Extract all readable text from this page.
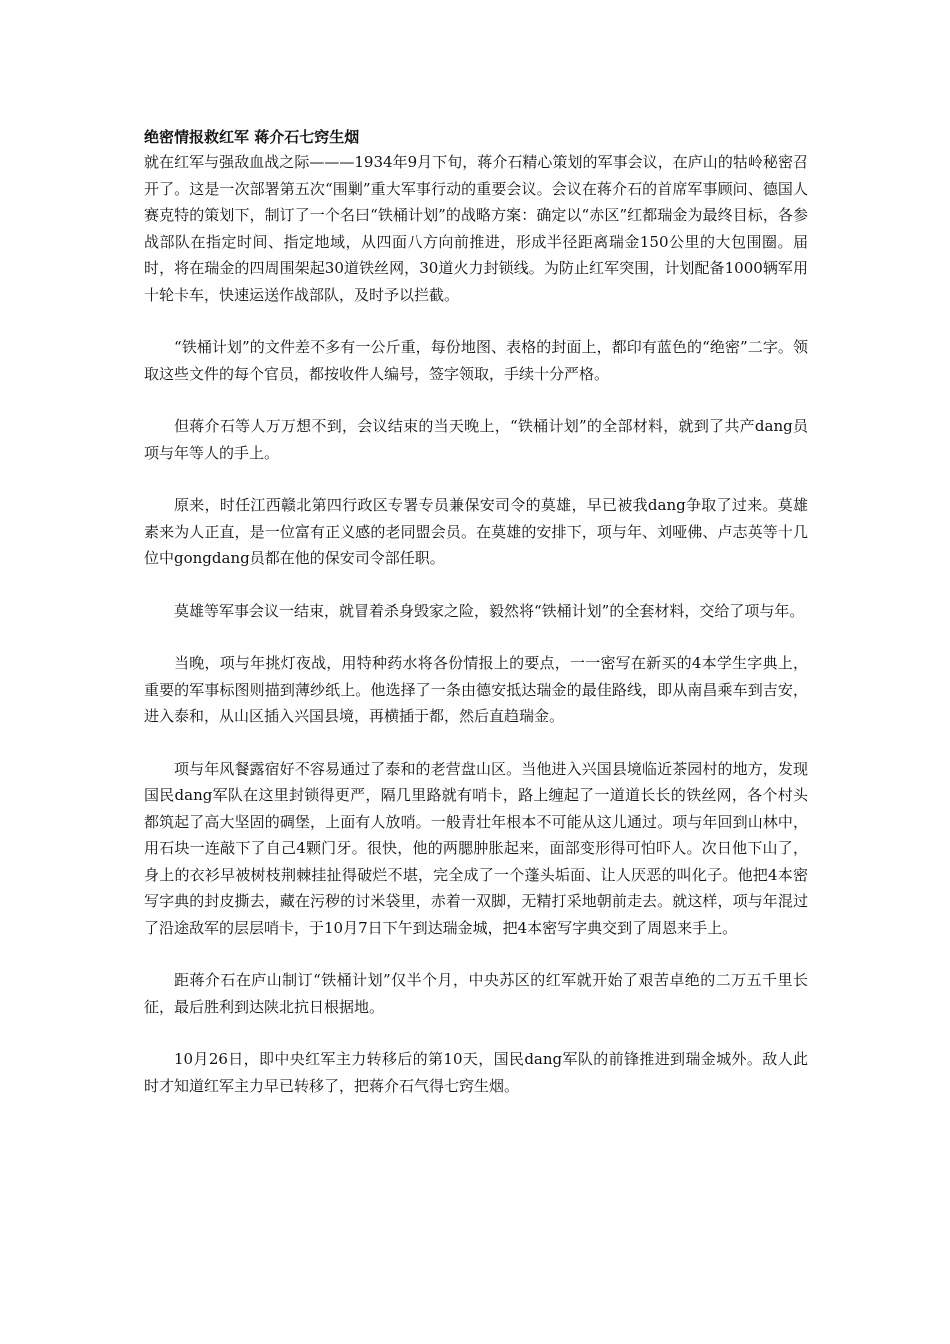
绝密情报救红军 蒋介石七窍生烟

就在红军与强敌血战之际———1934年9月下旬，蒋介石精心策划的军事会议，在庐山的牯岭秘密召开了。这是一次部署第五次“围剿”重大军事行动的重要会议。会议在蒋介石的首席军事顾问、德国人赛克特的策划下，制订了一个名曰“铁桶计划”的战略方案：确定以“赤区”红都瑞金为最终目标，各参战部队在指定时间、指定地域，从四面八方向前推进，形成半径距离瑞金150公里的大包围圈。届时，将在瑞金的四周围架起30道铁丝网，30道火力封锁线。为防止红军突围，计划配备1000辆军用十轮卡车，快速运送作战部队，及时予以拦截。

“铁桶计划”的文件差不多有一公斤重，每份地图、表格的封面上，都印有蓝色的“绝密”二字。领取这些文件的每个官员，都按收件人编号，签字领取，手续十分严格。

但蒋介石等人万万想不到，会议结束的当天晚上，“铁桶计划”的全部材料，就到了共产dang员项与年等人的手上。

原来，时任江西赣北第四行政区专署专员兼保安司令的莫雄，早已被我dang争取了过来。莫雄素来为人正直，是一位富有正义感的老同盟会员。在莫雄的安排下，项与年、刘哑佛、卢志英等十几位中gongdang员都在他的保安司令部任职。

莫雄等军事会议一结束，就冒着杀身毁家之险，毅然将“铁桶计划”的全套材料，交给了项与年。

当晚，项与年挑灯夜战，用特种药水将各份情报上的要点，一一密写在新买的4本学生字典上，重要的军事标图则描到薄纱纸上。他选择了一条由德安抵达瑞金的最佳路线，即从南昌乘车到吉安，进入泰和，从山区插入兴国县境，再横插于都，然后直趋瑞金。

项与年风餐露宿好不容易通过了泰和的老营盘山区。当他进入兴国县境临近茶园村的地方，发现国民dang军队在这里封锁得更严，隔几里路就有哨卡，路上缠起了一道道长长的铁丝网，各个村头都筑起了高大坚固的碉堡，上面有人放哨。一般青壮年根本不可能从这儿通过。项与年回到山林中，用石块一连敲下了自己4颗门牙。很快，他的两腮肿胀起来，面部变形得可怕吓人。次日他下山了，身上的衣衫早被树枝荆棘挂扯得破烂不堪，完全成了一个蓬头垢面、让人厌恶的叫化子。他把4本密写字典的封皮撕去，藏在污秽的讨米袋里，赤着一双脚，无精打采地朝前走去。就这样，项与年混过了沿途敌军的层层哨卡，于10月7日下午到达瑞金城，把4本密写字典交到了周恩来手上。

距蒋介石在庐山制订“铁桶计划”仅半个月，中央苏区的红军就开始了艰苦卓绝的二万五千里长征，最后胜利到达陕北抗日根据地。

10月26日，即中央红军主力转移后的第10天，国民dang军队的前锋推进到瑞金城外。敌人此时才知道红军主力早已转移了，把蒋介石气得七窍生烟。
